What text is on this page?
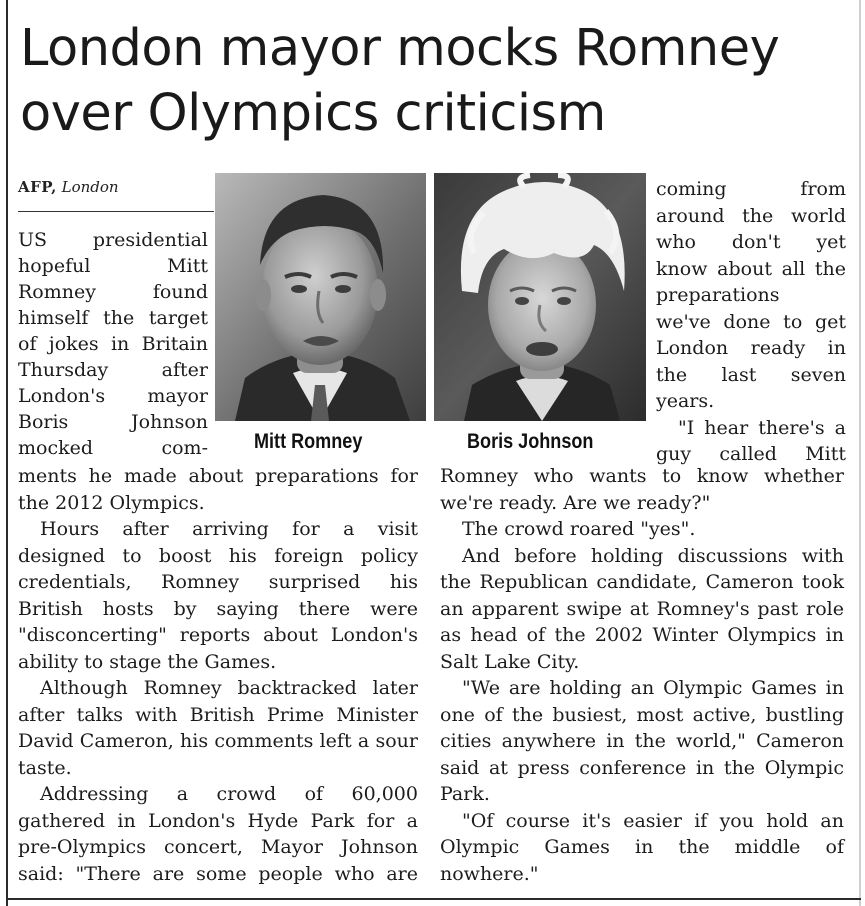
London mayor mocks Romney
over Olympics criticism
AFP, London
Mitt Romney	Boris Johnson

US presidential

hopeful Mitt

Romney found

himself the target

of jokes in Britain

Thursday after

London's mayor

Boris Johnson

mocked com-

ments he made about preparations for the 2012 Olympics.

Hours after arriving for a visit designed to boost his foreign policy credentials, Romney surprised his British hosts by saying there were "disconcerting" reports about London's ability to stage the Games.

Although Romney backtracked later after talks with British Prime Minister David Cameron, his comments left a sour taste.

Addressing a crowd of 60,000 gathered in London's Hyde Park for a pre-Olympics concert, Mayor Johnson said: "There are some people who are

coming from

around the world

who don't yet

know about all the

preparations

we've done to get

London ready in

the last seven

years.

"I hear there's a

guy called Mitt

Romney who wants to know whether we're ready. Are we ready?"

The crowd roared "yes".

And before holding discussions with the Republican candidate, Cameron took an apparent swipe at Romney's past role as head of the 2002 Winter Olympics in Salt Lake City.

"We are holding an Olympic Games in one of the busiest, most active, bustling cities anywhere in the world," Cameron said at press conference in the Olympic Park.

"Of course it's easier if you hold an Olympic Games in the middle of nowhere."
